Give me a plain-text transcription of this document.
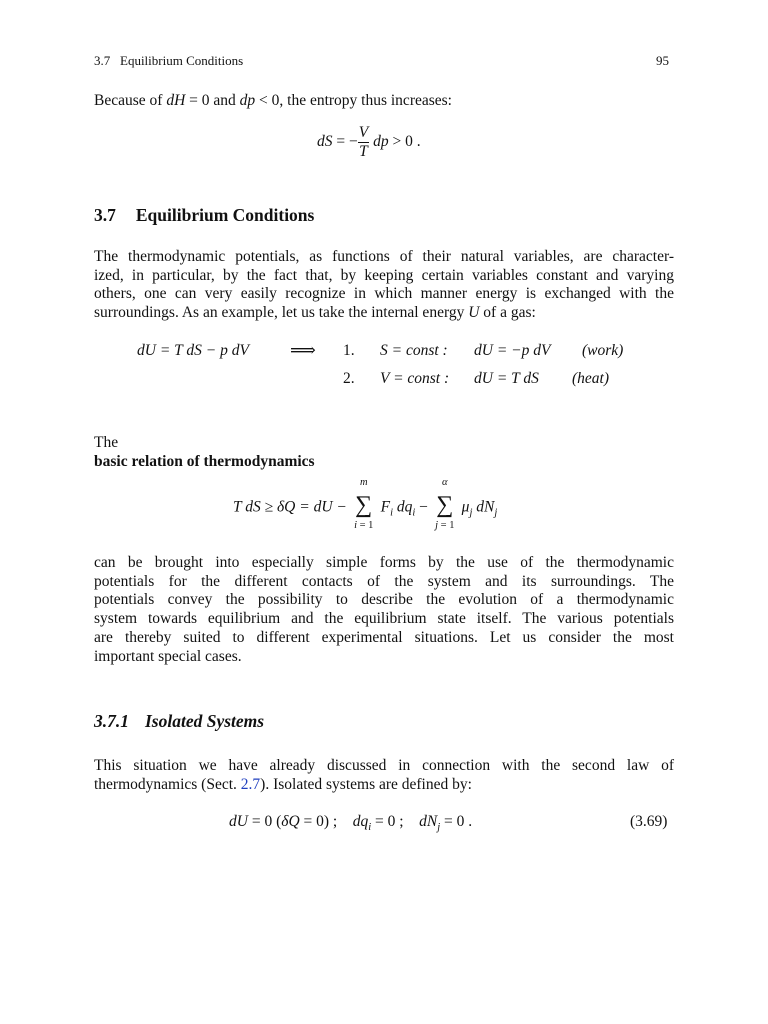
3.7   Equilibrium Conditions	95
Because of dH = 0 and dp < 0, the entropy thus increases:
dS = − $\frac{V}{T}$ dp > 0 .
3.7 Equilibrium Conditions
The thermodynamic potentials, as functions of their natural variables, are character-
ized, in particular, by the fact that, by keeping certain variables constant and varying
others, one can very easily recognize in which manner energy is exchanged with the
surroundings. As an example, let us take the internal energy U of a gas:
dU = T dS − p dV ⟹ 1. S = const : dU = −p dV (work)
2. V = const : dU = T dS (heat)
The
basic relation of thermodynamics
T dS ≥ δQ = dU −
m
∑
i = 1
$F_i$ $dq_i$ −
α
∑
j = 1
$\mu_j$ $dN_j$
can be brought into especially simple forms by the use of the thermodynamic
potentials for the different contacts of the system and its surroundings. The
potentials convey the possibility to describe the evolution of a thermodynamic
system towards equilibrium and the equilibrium state itself. The various potentials
are thereby suited to different experimental situations. Let us consider the most
important special cases.
3.7.1 Isolated Systems
This situation we have already discussed in connection with the second law of
thermodynamics (Sect. 2.7). Isolated systems are defined by:
dU = 0 (δQ = 0) ; $dq_i = 0$ ; $dN_j = 0$ .	(3.69)
